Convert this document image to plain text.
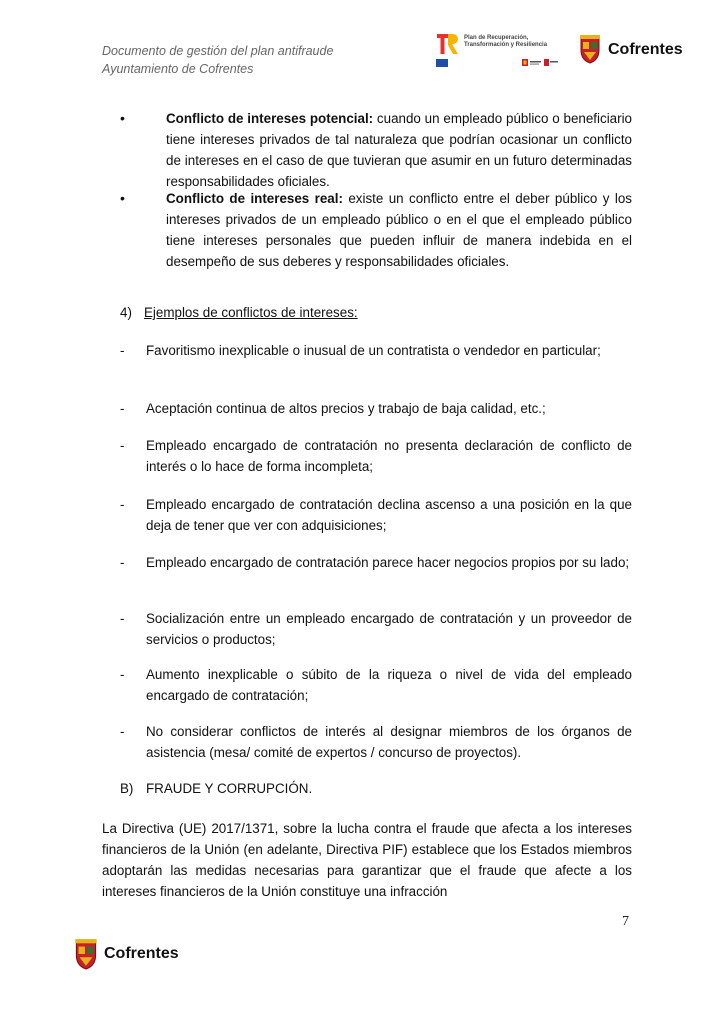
Documento de gestión del plan antifraude
Ayuntamiento de Cofrentes
Plan de Recuperación,
Transformación y Resiliencia	Cofrentes
•	Conflicto de intereses potencial: cuando un empleado público o beneficiario tiene intereses privados de tal naturaleza que podrían ocasionar un conflicto de intereses en el caso de que tuvieran que asumir en un futuro determinadas responsabilidades oficiales.
•	Conflicto de intereses real: existe un conflicto entre el deber público y los intereses privados de un empleado público o en el que el empleado público tiene intereses personales que pueden influir de manera indebida en el desempeño de sus deberes y responsabilidades oficiales.
4) Ejemplos de conflictos de intereses:
- Favoritismo inexplicable o inusual de un contratista o vendedor en particular;
- Aceptación continua de altos precios y trabajo de baja calidad, etc.;
- Empleado encargado de contratación no presenta declaración de conflicto de interés o lo hace de forma incompleta;
- Empleado encargado de contratación declina ascenso a una posición en la que deja de tener que ver con adquisiciones;
- Empleado encargado de contratación parece hacer negocios propios por su lado;
- Socialización entre un empleado encargado de contratación y un proveedor de servicios o productos;
- Aumento inexplicable o súbito de la riqueza o nivel de vida del empleado encargado de contratación;
- No considerar conflictos de interés al designar miembros de los órganos de asistencia (mesa/ comité de expertos / concurso de proyectos).
B) FRAUDE Y CORRUPCIÓN.
La Directiva (UE) 2017/1371, sobre la lucha contra el fraude que afecta a los intereses financieros de la Unión (en adelante, Directiva PIF) establece que los Estados miembros adoptarán las medidas necesarias para garantizar que el fraude que afecte a los intereses financieros de la Unión constituye una infracción
7
Cofrentes
